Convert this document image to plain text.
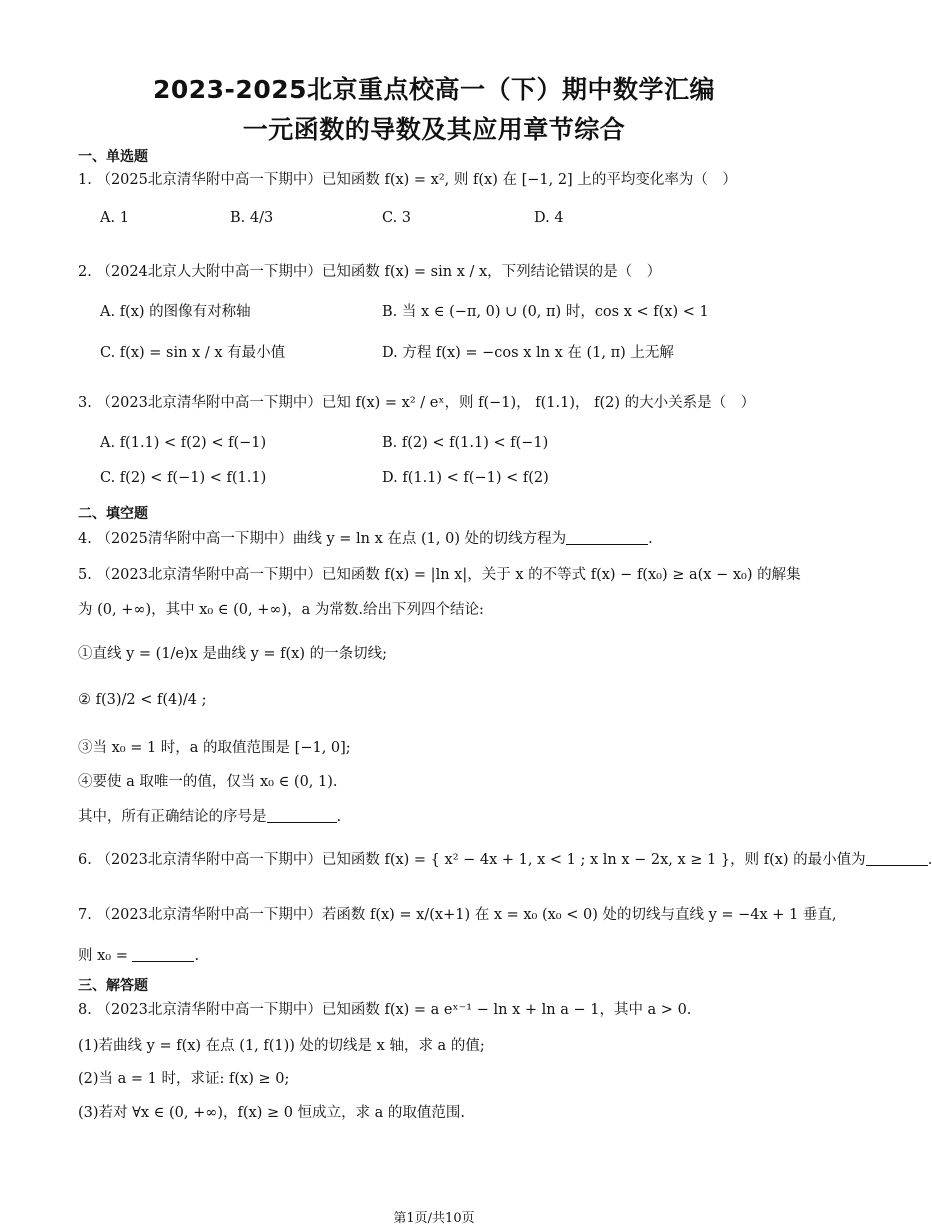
2023-2025北京重点校高一（下）期中数学汇编
一元函数的导数及其应用章节综合
一、单选题
1. （2025北京清华附中高一下期中）已知函数 f(x) = x², 则 f(x) 在 [−1, 2] 上的平均变化率为（　）
A. 1	B. 4/3	C. 3	D. 4
2. （2024北京人大附中高一下期中）已知函数 f(x) = sin x / x，下列结论错误的是（　）
A. f(x) 的图像有对称轴	B. 当 x ∈ (−π, 0) ∪ (0, π) 时，cos x < f(x) < 1
C. f(x) = sin x / x 有最小值	D. 方程 f(x) = −cos x ln x 在 (1, π) 上无解
3. （2023北京清华附中高一下期中）已知 f(x) = x² / eˣ，则 f(−1)， f(1.1)， f(2) 的大小关系是（　）
A. f(1.1) < f(2) < f(−1)	B. f(2) < f(1.1) < f(−1)
C. f(2) < f(−1) < f(1.1)	D. f(1.1) < f(−1) < f(2)
二、填空题
4. （2025清华附中高一下期中）曲线 y = ln x 在点 (1, 0) 处的切线方程为	.
5. （2023北京清华附中高一下期中）已知函数 f(x) = |ln x|，关于 x 的不等式 f(x) − f(x₀) ≥ a(x − x₀) 的解集
为 (0, +∞)，其中 x₀ ∈ (0, +∞)，a 为常数.给出下列四个结论:
①直线 y = (1/e)x 是曲线 y = f(x) 的一条切线;
② f(3)/2 < f(4)/4 ;
③当 x₀ = 1 时，a 的取值范围是 [−1, 0];
④要使 a 取唯一的值，仅当 x₀ ∈ (0, 1).
其中，所有正确结论的序号是	.
6. （2023北京清华附中高一下期中）已知函数 f(x) = { x² − 4x + 1, x < 1 ; x ln x − 2x, x ≥ 1 }，则 f(x) 的最小值为	.
7. （2023北京清华附中高一下期中）若函数 f(x) = x/(x+1) 在 x = x₀ (x₀ < 0) 处的切线与直线 y = −4x + 1 垂直,
则 x₀ =	.
三、解答题
8. （2023北京清华附中高一下期中）已知函数 f(x) = a eˣ⁻¹ − ln x + ln a − 1，其中 a > 0.
(1)若曲线 y = f(x) 在点 (1, f(1)) 处的切线是 x 轴，求 a 的值;
(2)当 a = 1 时，求证: f(x) ≥ 0;
(3)若对 ∀x ∈ (0, +∞)，f(x) ≥ 0 恒成立，求 a 的取值范围.
第1页/共10页
